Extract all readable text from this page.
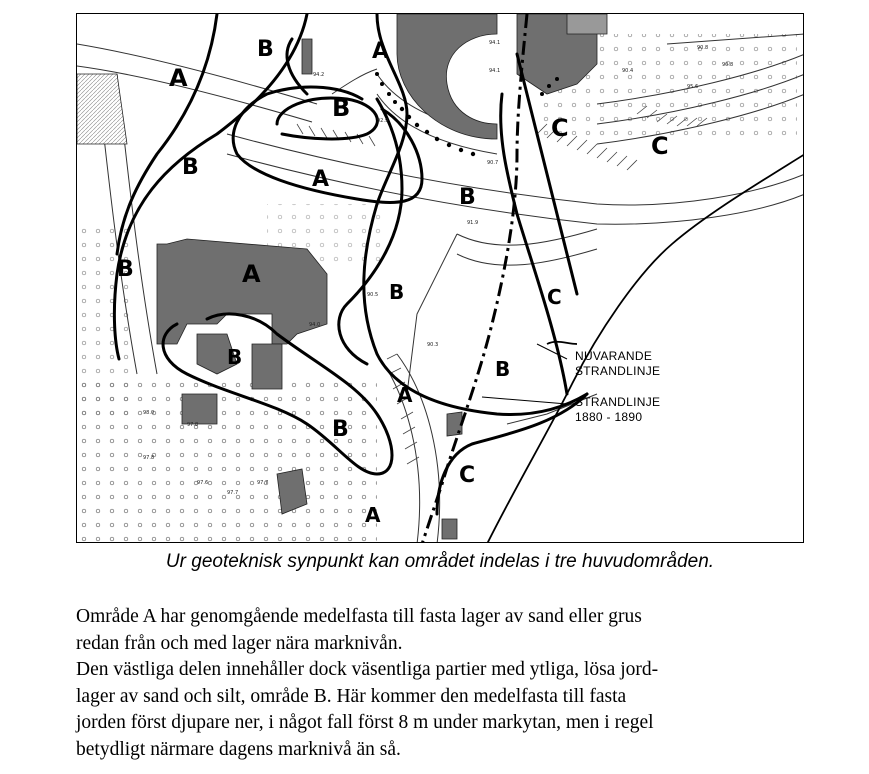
94.1
94.1
94.2
92.9
90.7
91.9
90.5
90.3
94.0
98.0
97.8
97.8
97.6
97.7
97.7
90.4
90.8
90.8
95.6
A
A
A
A
A
A
B
B
B
B
B
B
B
B
B
C
C
C
C
NUVARANDE
STRANDLINJE
STRANDLINJE
1880 - 1890
Ur geoteknisk synpunkt kan området indelas i tre huvudområden.

Område A har genomgående medelfasta till fasta lager av sand eller grus

redan från och med lager nära marknivån.

Den västliga delen innehåller dock väsentliga partier med ytliga, lösa jord-

lager av sand och silt, område B. Här kommer den medelfasta till fasta

jorden först djupare ner, i något fall först 8 m under markytan, men i regel

betydligt närmare dagens marknivå än så.
